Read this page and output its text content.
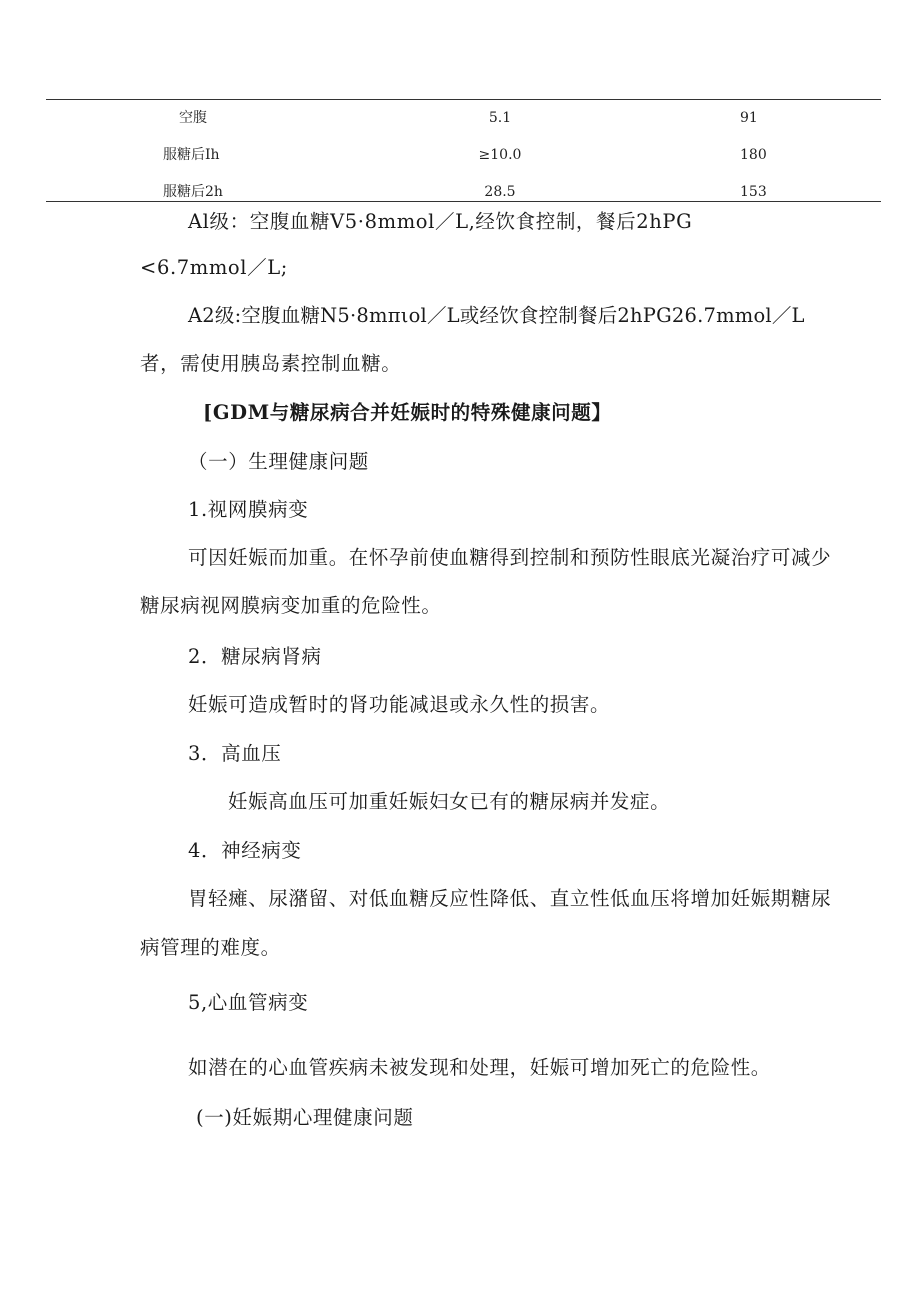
空腹	5.1	91
服糖后Ih	≥10.0	180
服糖后2h	28.5	153
Al级：空腹血糖V5·8mmol／L,经饮食控制，餐后2hPG
<6.7mmol／L;
A2级:空腹血糖N5·8mπιol／L或经饮食控制餐后2hPG26.7mmol／L
者，需使用胰岛素控制血糖。
[GDM与糖尿病合并妊娠时的特殊健康问题】
（一）生理健康问题
1.视网膜病变
可因妊娠而加重。在怀孕前使血糖得到控制和预防性眼底光凝治疗可减少
糖尿病视网膜病变加重的危险性。
2．糖尿病肾病
妊娠可造成暂时的肾功能减退或永久性的损害。
3．高血压
妊娠高血压可加重妊娠妇女已有的糖尿病并发症。
4．神经病变
胃轻瘫、尿潴留、对低血糖反应性降低、直立性低血压将增加妊娠期糖尿
病管理的难度。
5,心血管病变
如潜在的心血管疾病未被发现和处理，妊娠可增加死亡的危险性。
(一)妊娠期心理健康问题
